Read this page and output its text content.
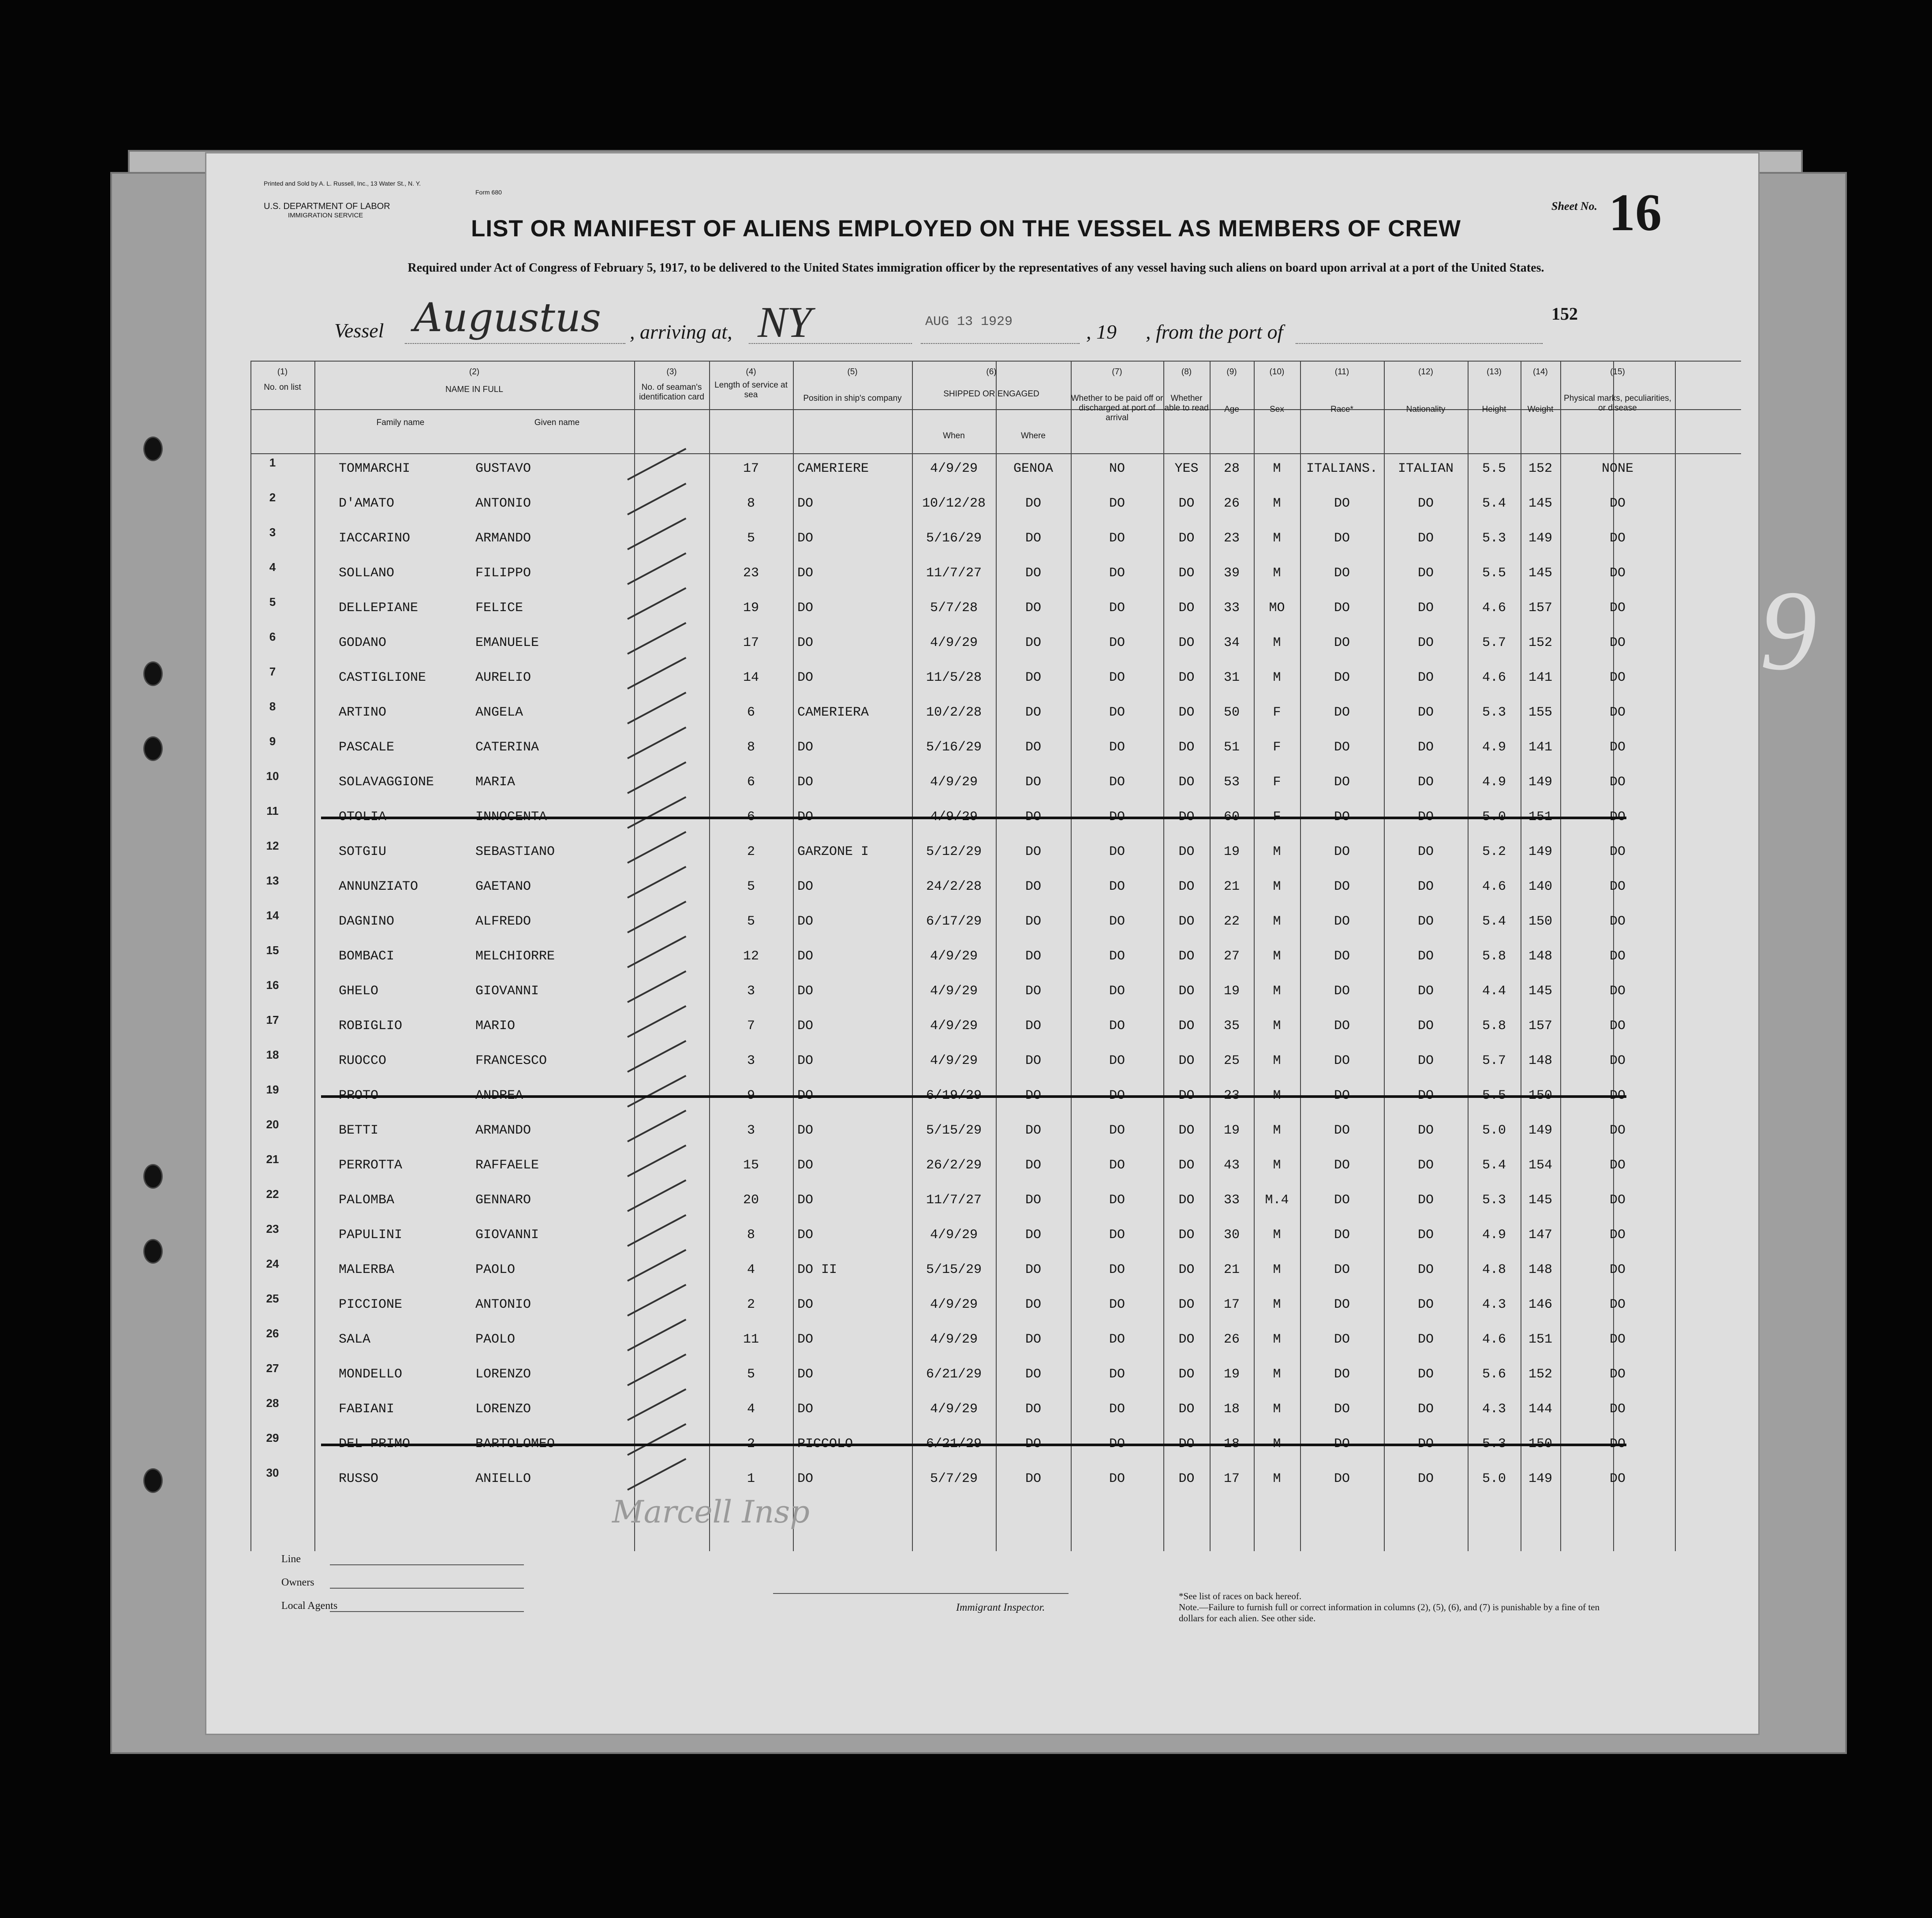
9
Printed and Sold by A. L. Russell, Inc., 13 Water St., N. Y.
Form 680
U.S. DEPARTMENT OF LABOR
IMMIGRATION SERVICE
LIST OR MANIFEST OF ALIENS EMPLOYED ON THE VESSEL AS MEMBERS OF CREW
Sheet No. 16
Required under Act of Congress of February 5, 1917, to be delivered to the United States immigration officer by the representatives of any vessel having such aliens on board upon arrival at a port of the United States.
Vessel Augustus , arriving at, NY	AUG 13 1929	, 19 , from the port of
152
(1)
No. on list
(2)
NAME IN FULL
Family name	Given name
(3)
No. of seaman's identification card
(4)
Length of service at sea
(5)
Position in ship's company
(6)
SHIPPED OR ENGAGED
When	Where
(7)
Whether to be paid off or discharged at port of arrival
(8)
Whether able to read
(9)
Age
(10)
Sex
(11)
Race*
(12)
Nationality
(13)
Height
(14)
Weight
(15)
Physical marks, peculiarities, or disease
1	TOMMARCHI	GUSTAVO	17	CAMERIERE	4/9/29	GENOA	NO	YES	28	M	ITALIANS.	ITALIAN	5.5	152	NONE
2	D'AMATO	ANTONIO	8	DO	10/12/28	DO	DO	DO	26	M	DO	DO	5.4	145	DO
3	IACCARINO	ARMANDO	5	DO	5/16/29	DO	DO	DO	23	M	DO	DO	5.3	149	DO
4	SOLLANO	FILIPPO	23	DO	11/7/27	DO	DO	DO	39	M	DO	DO	5.5	145	DO
5	DELLEPIANE	FELICE	19	DO	5/7/28	DO	DO	DO	33	MO	DO	DO	4.6	157	DO
6	GODANO	EMANUELE	17	DO	4/9/29	DO	DO	DO	34	M	DO	DO	5.7	152	DO
7	CASTIGLIONE	AURELIO	14	DO	11/5/28	DO	DO	DO	31	M	DO	DO	4.6	141	DO
8	ARTINO	ANGELA	6	CAMERIERA	10/2/28	DO	DO	DO	50	F	DO	DO	5.3	155	DO
9	PASCALE	CATERINA	8	DO	5/16/29	DO	DO	DO	51	F	DO	DO	4.9	141	DO
10	SOLAVAGGIONE	MARIA	6	DO	4/9/29	DO	DO	DO	53	F	DO	DO	4.9	149	DO
11	OTOLIA	INNOCENTA	6	DO	4/9/29	DO	DO	DO	60	F	DO	DO	5.0	151	DO
12	SOTGIU	SEBASTIANO	2	GARZONE I	5/12/29	DO	DO	DO	19	M	DO	DO	5.2	149	DO
13	ANNUNZIATO	GAETANO	5	DO	24/2/28	DO	DO	DO	21	M	DO	DO	4.6	140	DO
14	DAGNINO	ALFREDO	5	DO	6/17/29	DO	DO	DO	22	M	DO	DO	5.4	150	DO
15	BOMBACI	MELCHIORRE	12	DO	4/9/29	DO	DO	DO	27	M	DO	DO	5.8	148	DO
16	GHELO	GIOVANNI	3	DO	4/9/29	DO	DO	DO	19	M	DO	DO	4.4	145	DO
17	ROBIGLIO	MARIO	7	DO	4/9/29	DO	DO	DO	35	M	DO	DO	5.8	157	DO
18	RUOCCO	FRANCESCO	3	DO	4/9/29	DO	DO	DO	25	M	DO	DO	5.7	148	DO
19	PROTO	ANDREA	9	DO	6/19/29	DO	DO	DO	23	M	DO	DO	5.5	150	DO
20	BETTI	ARMANDO	3	DO	5/15/29	DO	DO	DO	19	M	DO	DO	5.0	149	DO
21	PERROTTA	RAFFAELE	15	DO	26/2/29	DO	DO	DO	43	M	DO	DO	5.4	154	DO
22	PALOMBA	GENNARO	20	DO	11/7/27	DO	DO	DO	33	M.4	DO	DO	5.3	145	DO
23	PAPULINI	GIOVANNI	8	DO	4/9/29	DO	DO	DO	30	M	DO	DO	4.9	147	DO
24	MALERBA	PAOLO	4	DO II	5/15/29	DO	DO	DO	21	M	DO	DO	4.8	148	DO
25	PICCIONE	ANTONIO	2	DO	4/9/29	DO	DO	DO	17	M	DO	DO	4.3	146	DO
26	SALA	PAOLO	11	DO	4/9/29	DO	DO	DO	26	M	DO	DO	4.6	151	DO
27	MONDELLO	LORENZO	5	DO	6/21/29	DO	DO	DO	19	M	DO	DO	5.6	152	DO
28	FABIANI	LORENZO	4	DO	4/9/29	DO	DO	DO	18	M	DO	DO	4.3	144	DO
29	DEL PRIMO	BARTOLOMEO	2	PICCOLO	6/21/29	DO	DO	DO	18	M	DO	DO	5.3	150	DO
30	RUSSO	ANIELLO	1	DO	5/7/29	DO	DO	DO	17	M	DO	DO	5.0	149	DO
Marcell Insp
Line
Owners
Local Agents	Immigrant Inspector.
*See list of races on back hereof.
Note.—Failure to furnish full or correct information in columns (2), (5), (6), and (7) is punishable by a fine of ten dollars for each alien. See other side.
